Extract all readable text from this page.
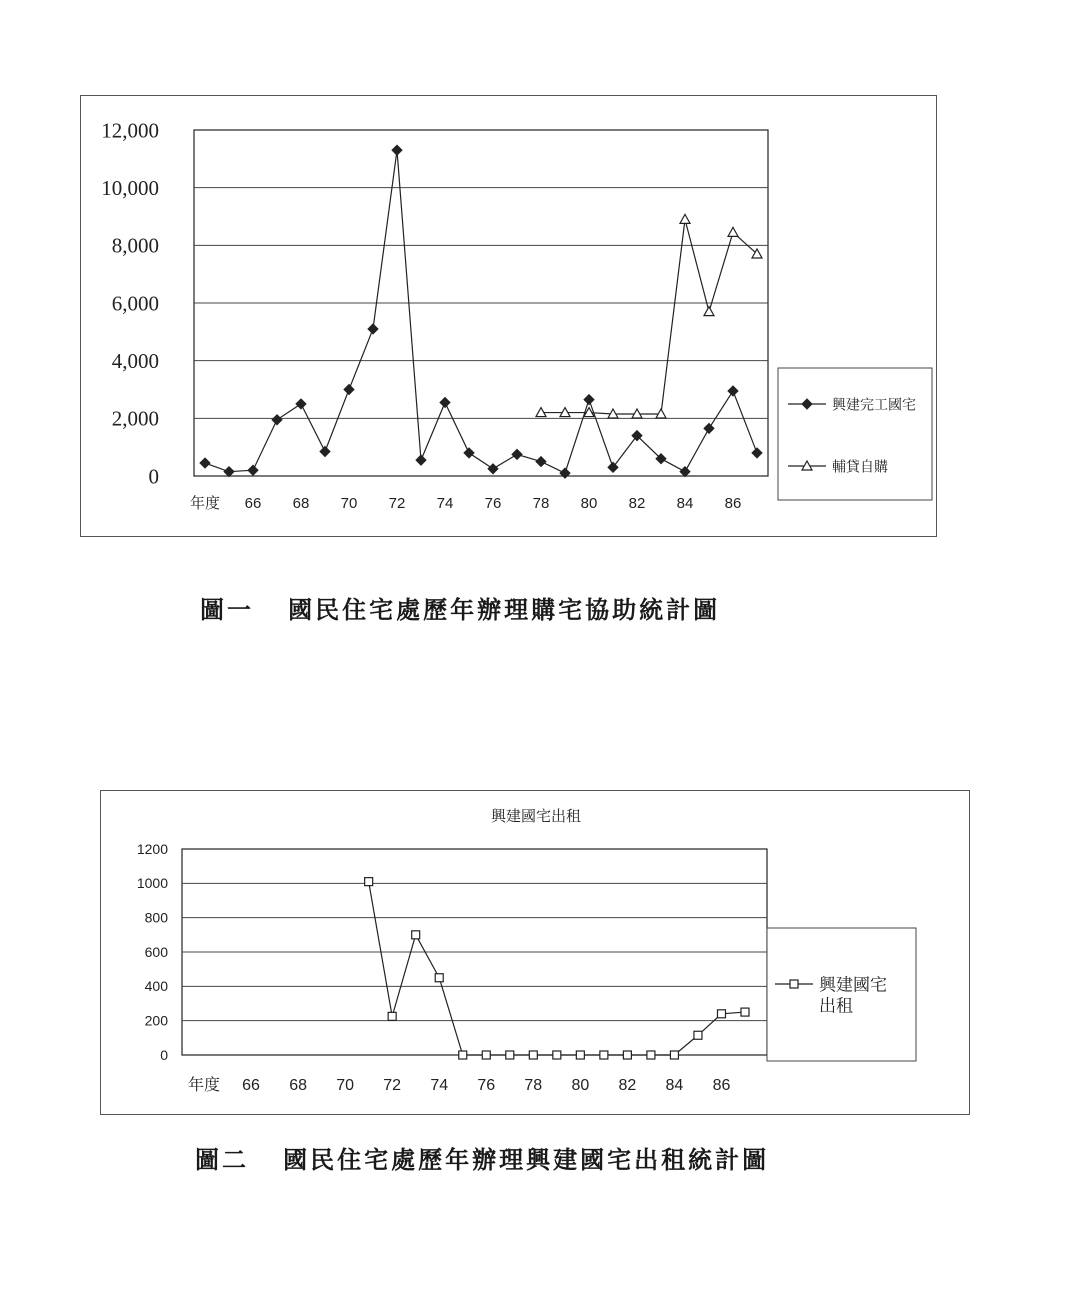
0
2,000
4,000
6,000
8,000
10,000
12,000
年度 66 68 70 72 74 76 78 80 82 84 86
興建完工國宅
輔貸自購
圖一   國民住宅處歷年辦理購宅協助統計圖
0
200
400
600
800
1000
1200
年度 66 68 70 72 74 76 78 80 82 84 86
興建國宅出租
興建國宅
出租
圖二   國民住宅處歷年辦理興建國宅出租統計圖
